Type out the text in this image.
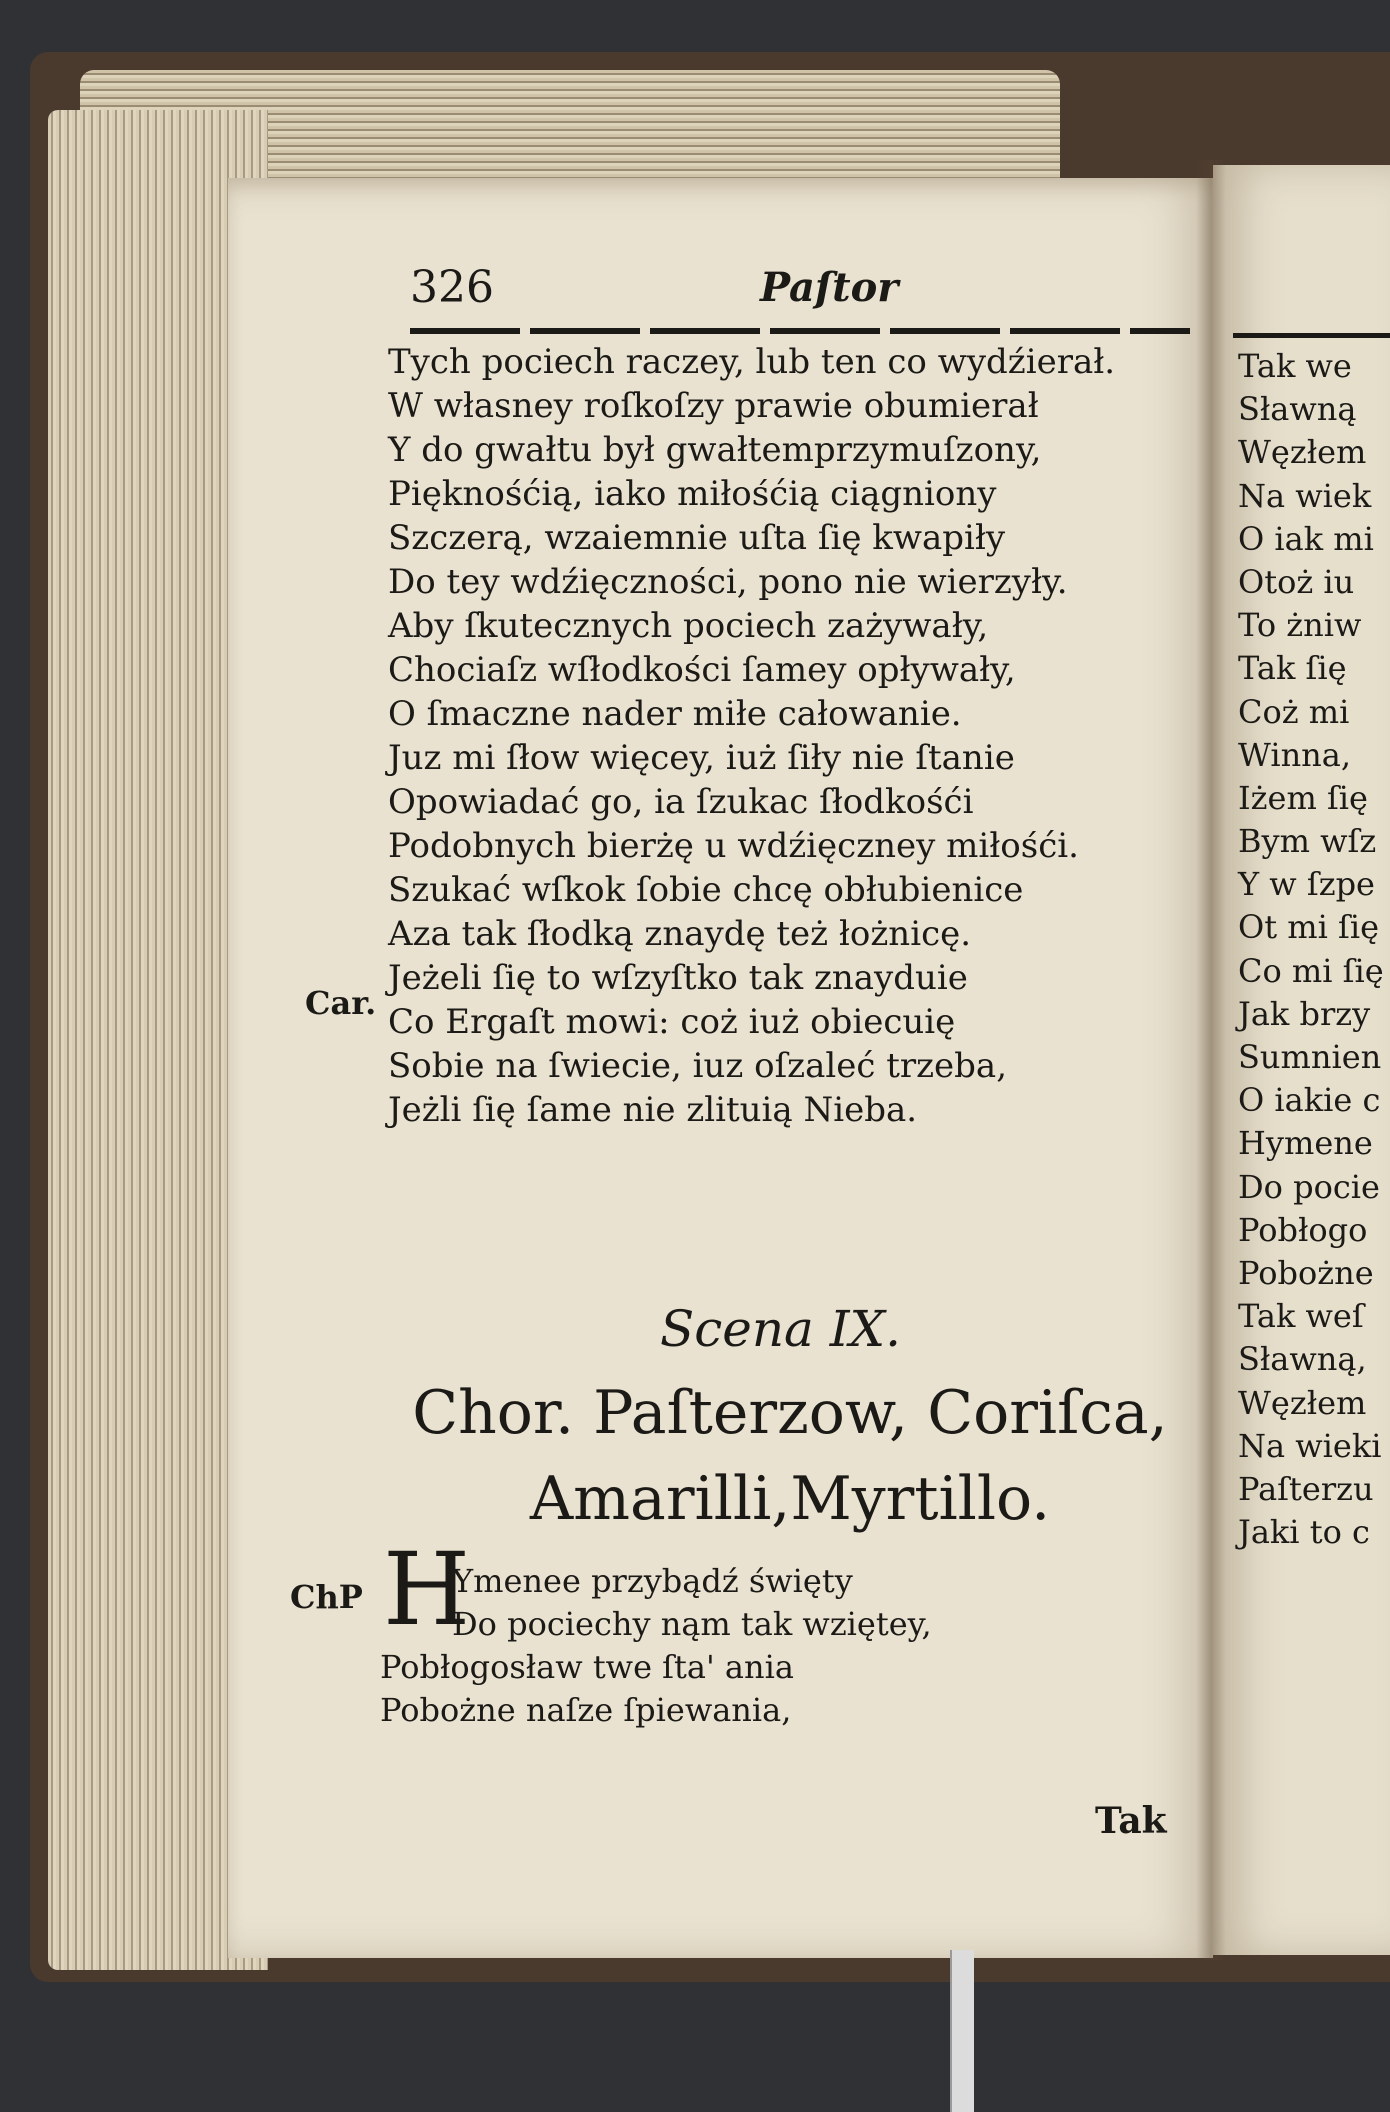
Tak we
Sławną
Węzłem
Na wiek
O iak mi
Otoż iu
To żniw
Tak ſię
Coż mi
Winna,
Iżem ſię
Bym wſz
Y w ſzpe
Ot mi ſię
Co mi ſię
Jak brzy
Sumnien
O iakie c
Hymene
Do pocie
Pobłogo
Pobożne
Tak weſ
Sławną,
Węzłem
Na wieki
Paſterzu
Jaki to c
326	Paſtor
Tych pociech raczey, lub ten co wydźierał.
W własney roſkoſzy prawie obumierał
Y do gwałtu był gwałtemprzymuſzony,
Pięknośćią, iako miłośćią ciągniony
Szczerą, wzaiemnie uſta ſię kwapiły
Do tey wdźięczności, pono nie wierzyły.
Aby ſkutecznych pociech zażywały,
Chociaſz wſłodkości ſamey opływały,
O ſmaczne nader miłe całowanie.
Juz mi ſłow więcey, iuż ſiły nie ſtanie
Opowiadać go, ia ſzukac ſłodkośći
Podobnych bierżę u wdźięczney miłośći.
Szukać wſkok ſobie chcę obłubienice
Aza tak ſłodką znaydę też łożnicę.
Jeżeli ſię to wſzyſtko tak znayduie
Co Ergaſt mowi: coż iuż obiecuię
Sobie na ſwiecie, iuz oſzaleć trzeba,
Jeżli ſię ſame nie zlituią Nieba.
Car.
Scena IX.
Chor. Paſterzow, Coriſca,
Amarilli,Myrtillo.
ChP H
Ymenee przybądź święty
Do pociechy nąm tak wziętey,
Pobłogosław twe ſta' ania
Pobożne naſze ſpiewania,
Tak
